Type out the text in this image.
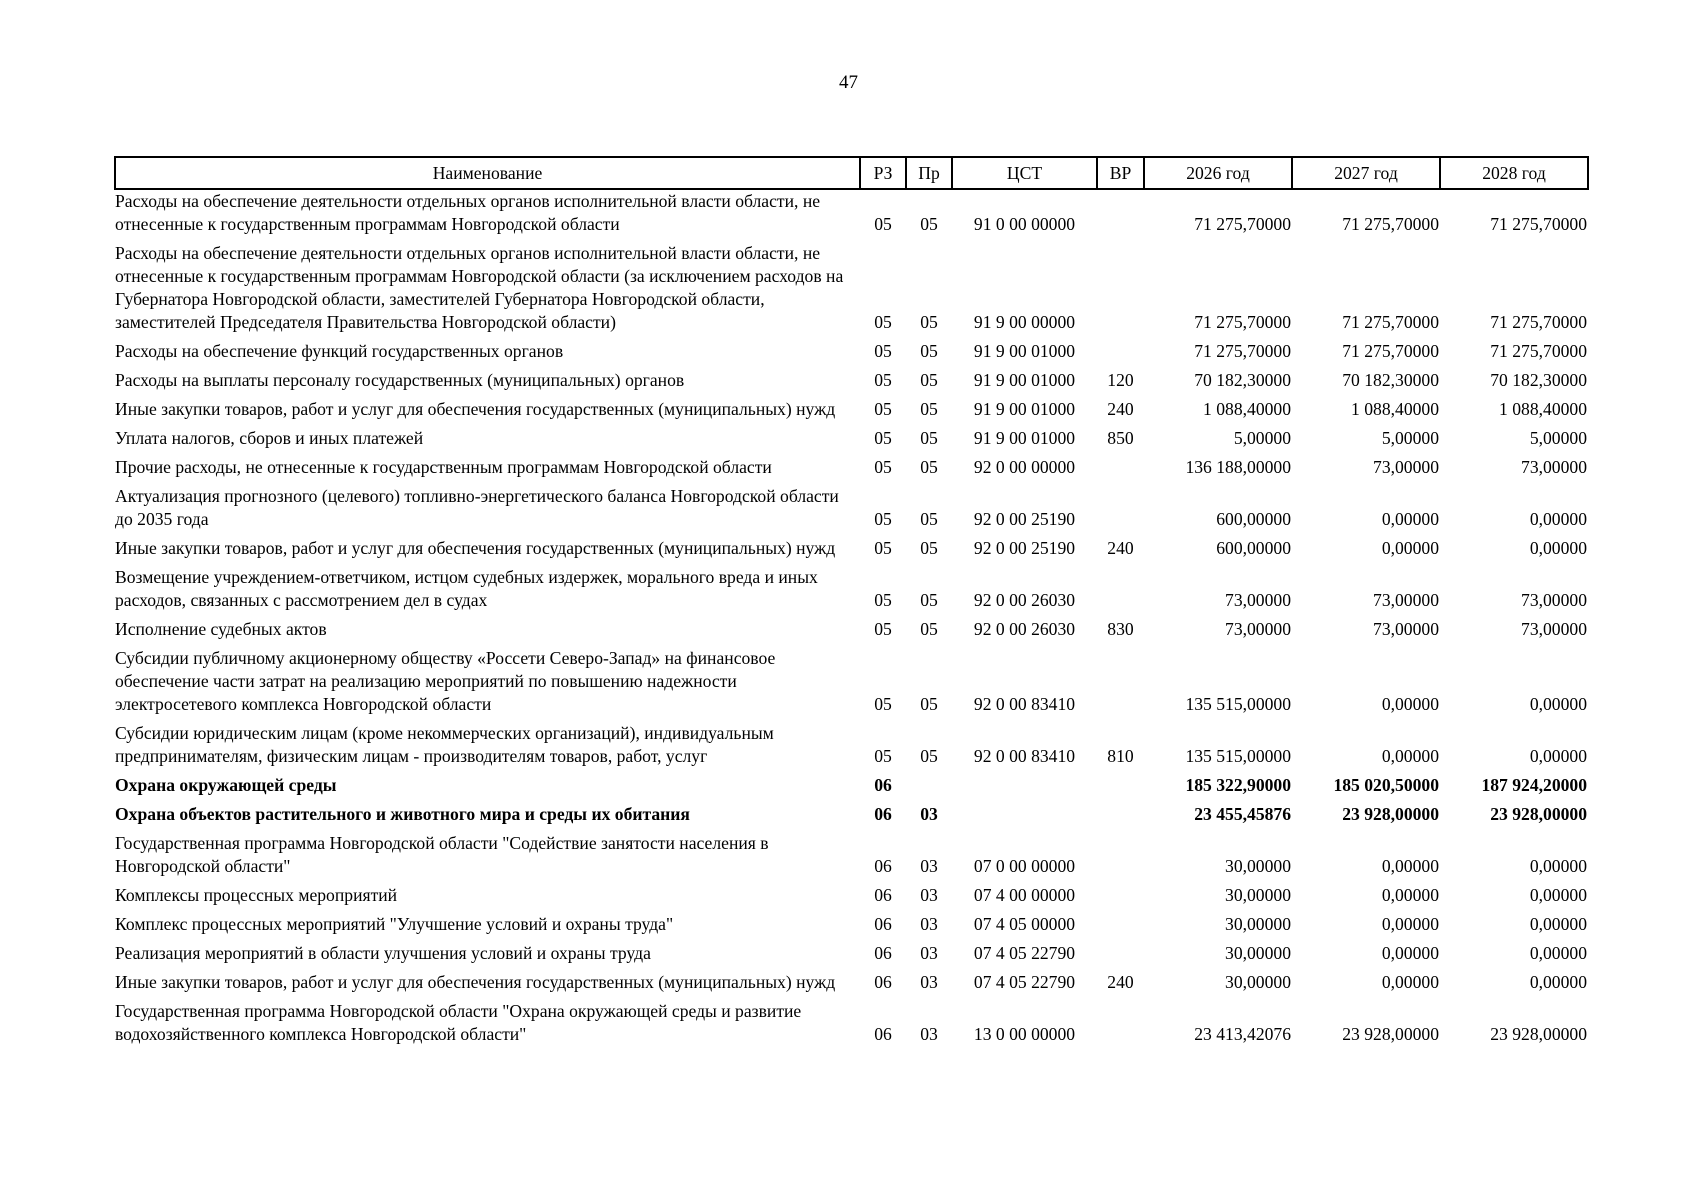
47
Наименование	РЗ	Пр	ЦСТ	ВР	2026 год	2027 год	2028 год
Расходы на обеспечение деятельности отдельных органов исполнительной власти области, не отнесенные к государственным программам Новгородской области	05	05	91 0 00 00000		71 275,70000	71 275,70000	71 275,70000
Расходы на обеспечение деятельности отдельных органов исполнительной власти области, не отнесенные к государственным программам Новгородской области (за исключением расходов на Губернатора Новгородской области, заместителей Губернатора Новгородской области, заместителей Председателя Правительства Новгородской области)	05	05	91 9 00 00000		71 275,70000	71 275,70000	71 275,70000
Расходы на обеспечение функций государственных органов	05	05	91 9 00 01000		71 275,70000	71 275,70000	71 275,70000
Расходы на выплаты персоналу государственных (муниципальных) органов	05	05	91 9 00 01000	120	70 182,30000	70 182,30000	70 182,30000
Иные закупки товаров, работ и услуг для обеспечения государственных (муниципальных) нужд	05	05	91 9 00 01000	240	1 088,40000	1 088,40000	1 088,40000
Уплата налогов, сборов и иных платежей	05	05	91 9 00 01000	850	5,00000	5,00000	5,00000
Прочие расходы, не отнесенные к государственным программам Новгородской области	05	05	92 0 00 00000		136 188,00000	73,00000	73,00000
Актуализация прогнозного (целевого) топливно-энергетического баланса Новгородской области до 2035 года	05	05	92 0 00 25190		600,00000	0,00000	0,00000
Иные закупки товаров, работ и услуг для обеспечения государственных (муниципальных) нужд	05	05	92 0 00 25190	240	600,00000	0,00000	0,00000
Возмещение учреждением-ответчиком, истцом судебных издержек, морального вреда и иных расходов, связанных с рассмотрением дел в судах	05	05	92 0 00 26030		73,00000	73,00000	73,00000
Исполнение судебных актов	05	05	92 0 00 26030	830	73,00000	73,00000	73,00000
Субсидии публичному акционерному обществу «Россети Северо-Запад» на финансовое обеспечение части затрат на реализацию мероприятий по повышению надежности электросетевого комплекса Новгородской области	05	05	92 0 00 83410		135 515,00000	0,00000	0,00000
Субсидии юридическим лицам (кроме некоммерческих организаций), индивидуальным предпринимателям, физическим лицам - производителям товаров, работ, услуг	05	05	92 0 00 83410	810	135 515,00000	0,00000	0,00000
Охрана окружающей среды	06				185 322,90000	185 020,50000	187 924,20000
Охрана объектов растительного и животного мира и среды их обитания	06	03			23 455,45876	23 928,00000	23 928,00000
Государственная программа Новгородской области "Содействие занятости населения в Новгородской области"	06	03	07 0 00 00000		30,00000	0,00000	0,00000
Комплексы процессных мероприятий	06	03	07 4 00 00000		30,00000	0,00000	0,00000
Комплекс процессных мероприятий "Улучшение условий и охраны труда"	06	03	07 4 05 00000		30,00000	0,00000	0,00000
Реализация мероприятий в области улучшения условий и охраны труда	06	03	07 4 05 22790		30,00000	0,00000	0,00000
Иные закупки товаров, работ и услуг для обеспечения государственных (муниципальных) нужд	06	03	07 4 05 22790	240	30,00000	0,00000	0,00000
Государственная программа Новгородской области "Охрана окружающей среды и развитие водохозяйственного комплекса Новгородской области"	06	03	13 0 00 00000		23 413,42076	23 928,00000	23 928,00000
